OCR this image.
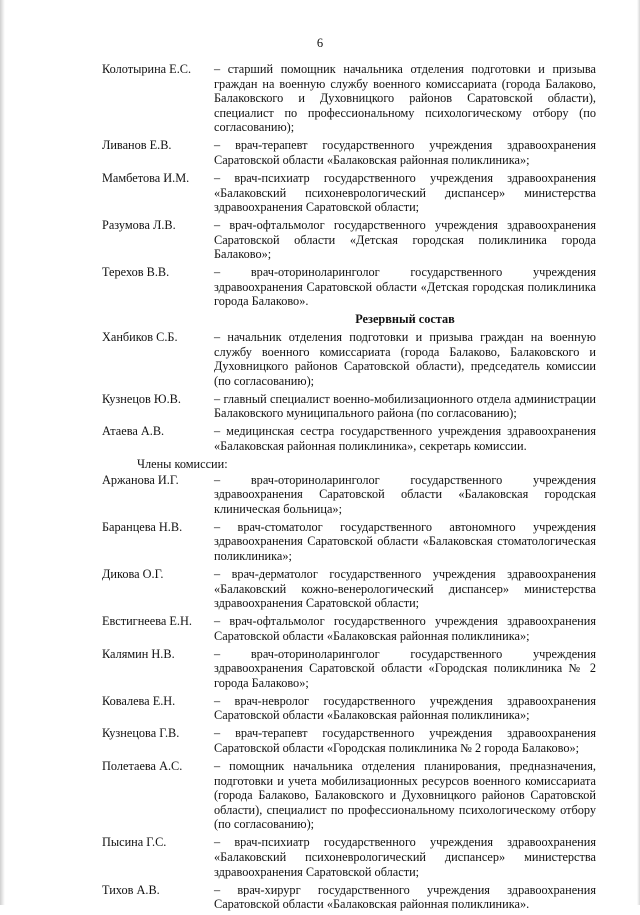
6
Колотырина Е.С.	– старший помощник начальника отделения подготовки и призыва граждан на военную службу военного комиссариата (города Балаково, Балаковского и Духовницкого районов Саратовской области), специалист по профессиональному психологическому отбору (по согласованию);
Ливанов Е.В.	– врач-терапевт государственного учреждения здравоохранения Саратовской области «Балаковская районная поликлиника»;
Мамбетова И.М.	– врач-психиатр государственного учреждения здравоохранения «Балаковский психоневрологический диспансер» министерства здравоохранения Саратовской области;
Разумова Л.В.	– врач-офтальмолог государственного учреждения здравоохранения Саратовской области «Детская городская поликлиника города Балаково»;
Терехов В.В.	– врач-оториноларинголог государственного учреждения здравоохранения Саратовской области «Детская городская поликлиника города Балаково».
Резервный состав
Ханбиков С.Б.	– начальник отделения подготовки и призыва граждан на военную службу военного комиссариата (города Балаково, Балаковского и Духовницкого районов Саратовской области), председатель комиссии (по согласованию);
Кузнецов Ю.В.	– главный специалист военно-мобилизационного отдела администрации Балаковского муниципального района (по согласованию);
Атаева А.В.	– медицинская сестра государственного учреждения здравоохранения «Балаковская районная поликлиника», секретарь комиссии.
Члены комиссии:
Аржанова И.Г.	– врач-оториноларинголог государственного учреждения здравоохранения Саратовской области «Балаковская городская клиническая больница»;
Баранцева Н.В.	– врач-стоматолог государственного автономного учреждения здравоохранения Саратовской области «Балаковская стоматологическая поликлиника»;
Дикова О.Г.	– врач-дерматолог государственного учреждения здравоохранения «Балаковский кожно-венерологический диспансер» министерства здравоохранения Саратовской области;
Евстигнеева Е.Н.	– врач-офтальмолог государственного учреждения здравоохранения Саратовской области «Балаковская районная поликлиника»;
Калямин Н.В.	– врач-оториноларинголог государственного учреждения здравоохранения Саратовской области «Городская поликлиника № 2 города Балаково»;
Ковалева Е.Н.	– врач-невролог государственного учреждения здравоохранения Саратовской области «Балаковская районная поликлиника»;
Кузнецова Г.В.	– врач-терапевт государственного учреждения здравоохранения Саратовской области «Городская поликлиника № 2 города Балаково»;
Полетаева А.С.	– помощник начальника отделения планирования, предназначения, подготовки и учета мобилизационных ресурсов военного комиссариата (города Балаково, Балаковского и Духовницкого районов Саратовской области), специалист по профессиональному психологическому отбору (по согласованию);
Пысина Г.С.	– врач-психиатр государственного учреждения здравоохранения «Балаковский психоневрологический диспансер» министерства здравоохранения Саратовской области;
Тихов А.В.	– врач-хирург государственного учреждения здравоохранения Саратовской области «Балаковская районная поликлиника».
